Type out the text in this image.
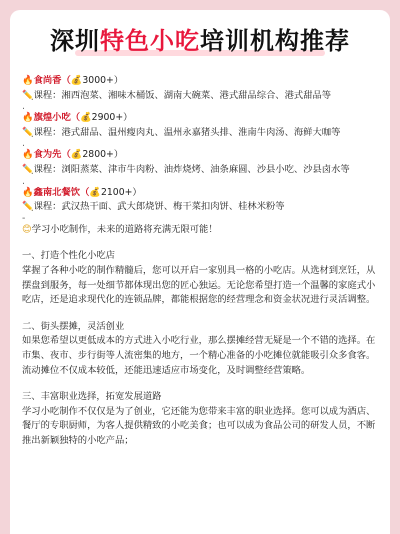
深圳特色小吃培训机构推荐
🔥食尚香（💰3000+）
✏️课程：湘西泡菜、湘味木桶饭、湖南大碗菜、港式甜品综合、港式甜品等
.
🔥旗煌小吃（💰2900+）
✏️课程：港式甜品、温州瘦肉丸、温州永嘉猪头排、淮南牛肉汤、海鲜大咖等
.
🔥食为先（💰2800+）
✏️课程：浏阳蒸菜、津市牛肉粉、油炸烧烤、油条麻圆、沙县小吃、沙县卤水等
.
🔥鑫南北餐饮（💰2100+）
✏️课程：武汉热干面、武大郎烧饼、梅干菜扣肉饼、桂林米粉等
-
😊学习小吃制作，未来的道路将充满无限可能！
一、打造个性化小吃店
掌握了各种小吃的制作精髓后，您可以开启一家别具一格的小吃店。从选材到烹饪，从摆盘到服务，每一处细节都体现出您的匠心独运。无论您希望打造一个温馨的家庭式小吃店，还是追求现代化的连锁品牌，都能根据您的经营理念和资金状况进行灵活调整。
二、街头摆摊，灵活创业
如果您希望以更低成本的方式进入小吃行业，那么摆摊经营无疑是一个不错的选择。在市集、夜市、步行街等人流密集的地方，一个精心准备的小吃摊位就能吸引众多食客。流动摊位不仅成本较低，还能迅速适应市场变化，及时调整经营策略。
三、丰富职业选择，拓宽发展道路
学习小吃制作不仅仅是为了创业，它还能为您带来丰富的职业选择。您可以成为酒店、餐厅的专职厨师，为客人提供精致的小吃美食；也可以成为食品公司的研发人员，不断推出新颖独特的小吃产品；
